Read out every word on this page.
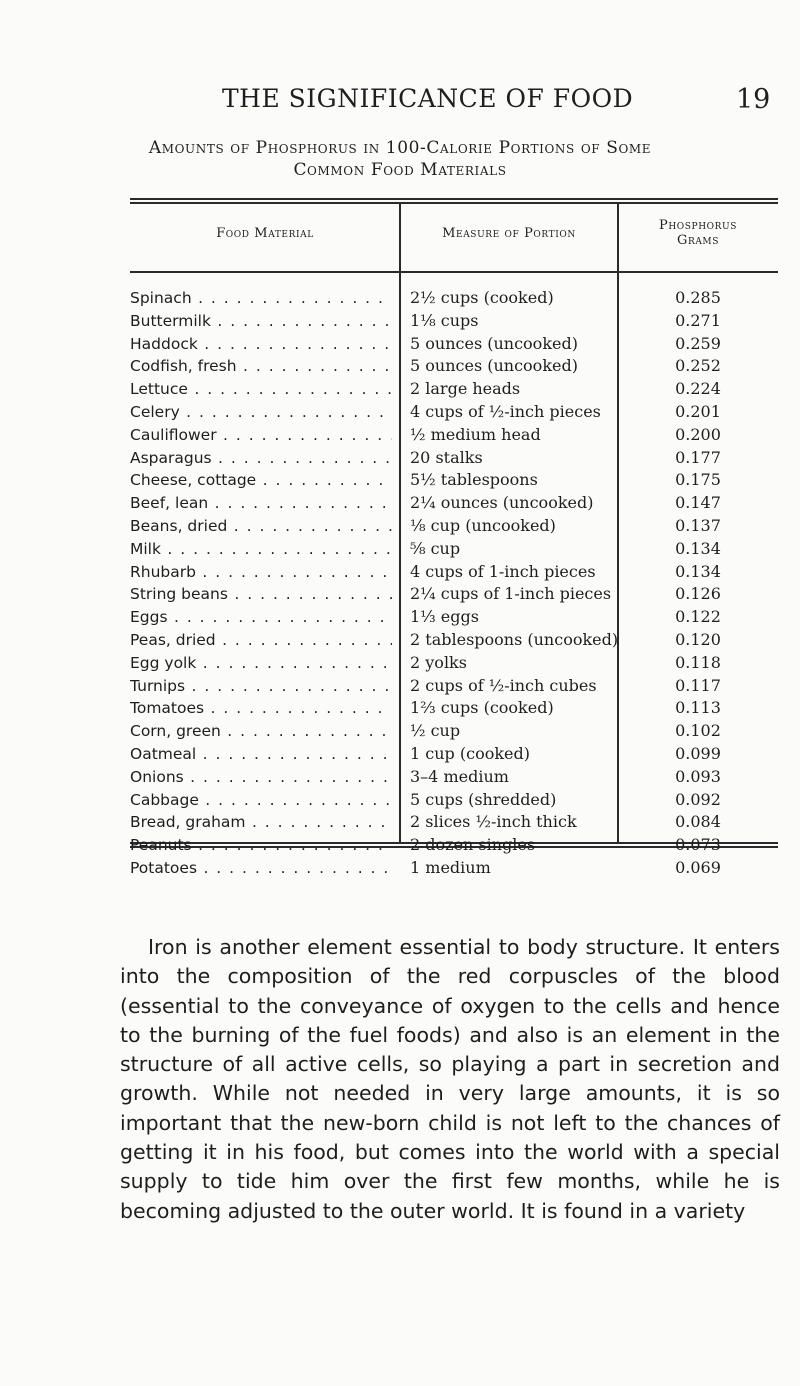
THE SIGNIFICANCE OF FOOD	19
Amounts of Phosphorus in 100-Calorie Portions of Some
Common Food Materials
Food Material	Measure of Portion
Phosphorus
Grams
Spinach . . .	2½ cups (cooked)	0.285
Buttermilk . . .	1⅛ cups	0.271
Haddock . . .	5 ounces (uncooked)	0.259
Codfish, fresh . . .	5 ounces (uncooked)	0.252
Lettuce . . .	2 large heads	0.224
Celery . . .	4 cups of ½-inch pieces	0.201
Cauliflower . . .	½ medium head	0.200
Asparagus . . .	20 stalks	0.177
Cheese, cottage . . .	5½ tablespoons	0.175
Beef, lean . . .	2¼ ounces (uncooked)	0.147
Beans, dried . . .	⅛ cup (uncooked)	0.137
Milk . . .	⅝ cup	0.134
Rhubarb . . .	4 cups of 1-inch pieces	0.134
String beans . . .	2¼ cups of 1-inch pieces	0.126
Eggs . . .	1⅓ eggs	0.122
Peas, dried . . .	2 tablespoons (uncooked)	0.120
Egg yolk . . .	2 yolks	0.118
Turnips . . .	2 cups of ½-inch cubes	0.117
Tomatoes . . .	1⅔ cups (cooked)	0.113
Corn, green . . .	½ cup	0.102
Oatmeal . . .	1 cup (cooked)	0.099
Onions . . .	3–4 medium	0.093
Cabbage . . .	5 cups (shredded)	0.092
Bread, graham . . .	2 slices ½-inch thick	0.084
Peanuts . . .	2 dozen singles	0.073
Potatoes . . .	1 medium	0.069

Iron is another element essential to body structure. It enters into the composition of the red corpuscles of the blood (essential to the conveyance of oxygen to the cells and hence to the burning of the fuel foods) and also is an element in the structure of all active cells, so playing a part in secretion and growth. While not needed in very large amounts, it is so important that the new-born child is not left to the chances of getting it in his food, but comes into the world with a special supply to tide him over the first few months, while he is becoming adjusted to the outer world. It is found in a variety
